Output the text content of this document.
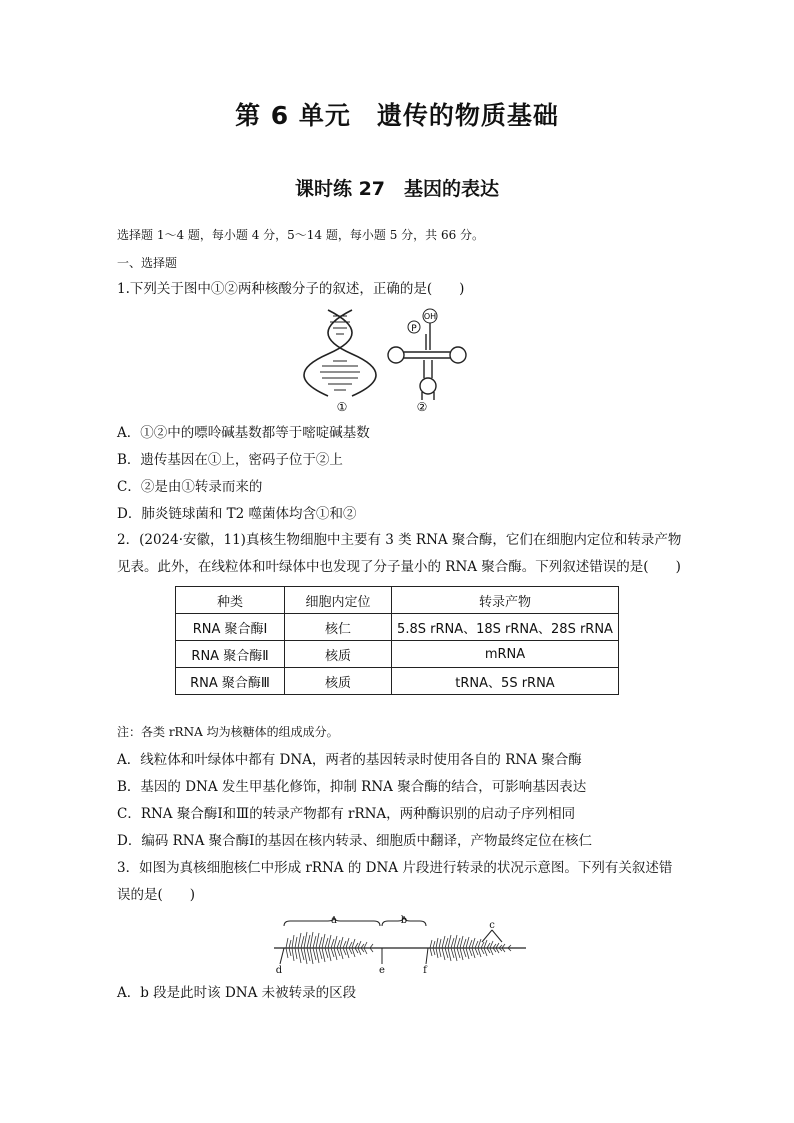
第 6 单元　遗传的物质基础
课时练 27　基因的表达
选择题 1～4 题，每小题 4 分，5～14 题，每小题 5 分，共 66 分。
一、选择题
1.下列关于图中①②两种核酸分子的叙述，正确的是(　　)
P
OH
①	②
A．①②中的嘌呤碱基数都等于嘧啶碱基数
B．遗传基因在①上，密码子位于②上
C．②是由①转录而来的
D．肺炎链球菌和 T2 噬菌体均含①和②
2．(2024·安徽，11)真核生物细胞中主要有 3 类 RNA 聚合酶，它们在细胞内定位和转录产物见表。此外，在线粒体和叶绿体中也发现了分子量小的 RNA 聚合酶。下列叙述错误的是(　　)
种类	细胞内定位	转录产物
RNA 聚合酶Ⅰ	核仁	5.8S rRNA、18S rRNA、28S rRNA
RNA 聚合酶Ⅱ	核质	mRNA
RNA 聚合酶Ⅲ	核质	tRNA、5S rRNA
注：各类 rRNA 均为核糖体的组成成分。
A．线粒体和叶绿体中都有 DNA，两者的基因转录时使用各自的 RNA 聚合酶
B．基因的 DNA 发生甲基化修饰，抑制 RNA 聚合酶的结合，可影响基因表达
C．RNA 聚合酶Ⅰ和Ⅲ的转录产物都有 rRNA，两种酶识别的启动子序列相同
D．编码 RNA 聚合酶Ⅰ的基因在核内转录、细胞质中翻译，产物最终定位在核仁
3．如图为真核细胞核仁中形成 rRNA 的 DNA 片段进行转录的状况示意图。下列有关叙述错误的是(　　)
a	b	c
d	e	f
A．b 段是此时该 DNA 未被转录的区段
